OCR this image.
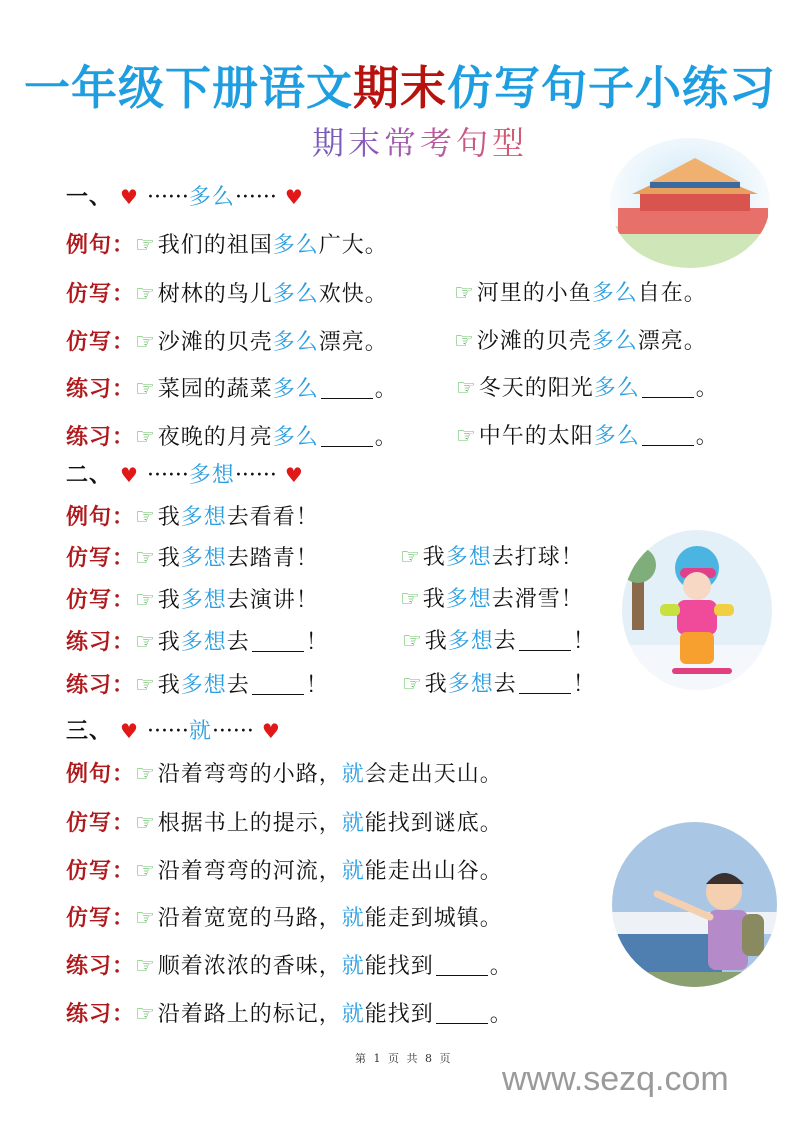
一年级下册语文期末仿写句子小练习
期末常考句型
一、 ♥ ······多么······ ♥
例句：☞我们的祖国多么广大。
仿写：☞树林的鸟儿多么欢快。	☞河里的小鱼多么自在。
仿写：☞沙滩的贝壳多么漂亮。	☞沙滩的贝壳多么漂亮。
练习：☞菜园的蔬菜多么	。	☞冬天的阳光多么	。
练习：☞夜晚的月亮多么	。	☞中午的太阳多么	。
二、 ♥ ······多想······ ♥
例句：☞我多想去看看！
仿写：☞我多想去踏青！	☞我多想去打球！
仿写：☞我多想去演讲！	☞我多想去滑雪！
练习：☞我多想去	！	☞我多想去	！
练习：☞我多想去	！	☞我多想去	！
三、 ♥ ······就······ ♥
例句：☞沿着弯弯的小路，就会走出天山。
仿写：☞根据书上的提示，就能找到谜底。
仿写：☞沿着弯弯的河流，就能走出山谷。
仿写：☞沿着宽宽的马路，就能走到城镇。
练习：☞顺着浓浓的香味，就能找到	。
练习：☞沿着路上的标记，就能找到	。
第 1 页 共 8 页
www.sezq.com
